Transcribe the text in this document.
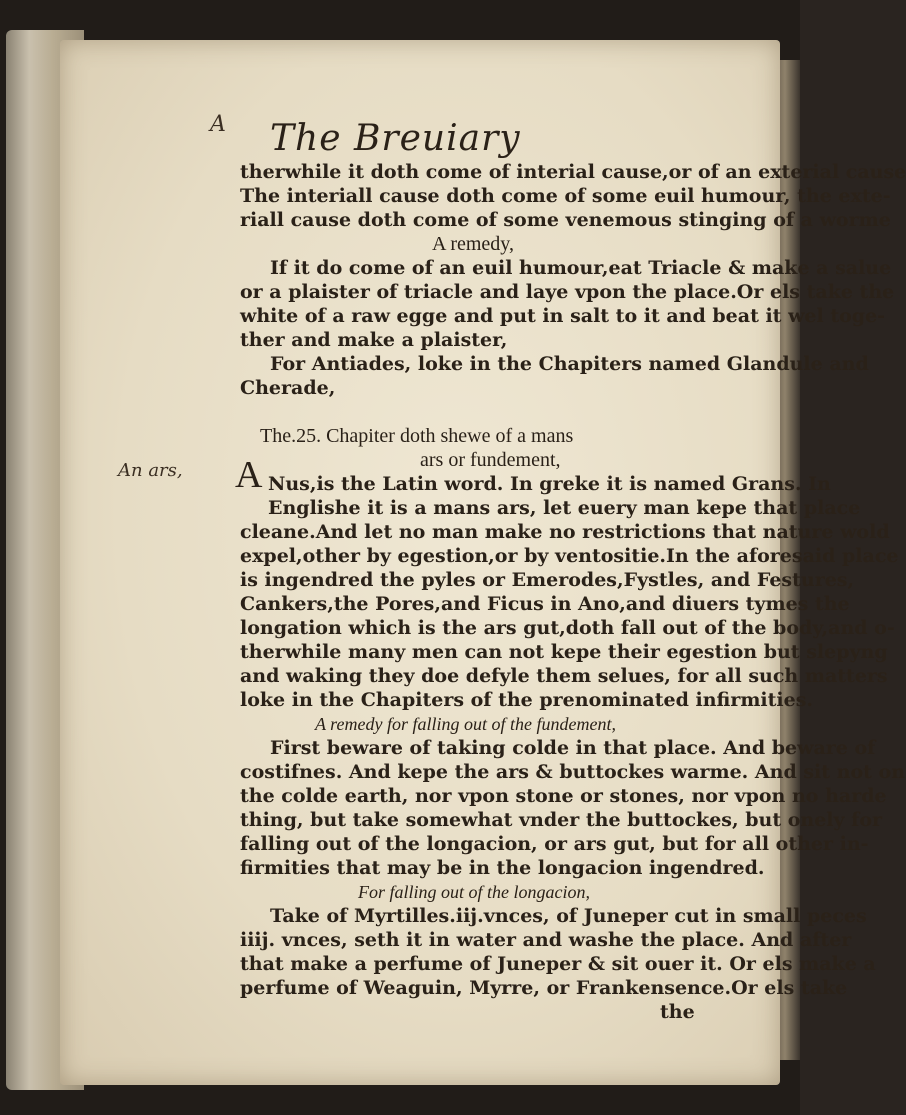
A The Breuiary
An ars, A
therwhile it doth come of interial cause,or of an exterial cause
The interiall cause doth come of some euil humour, the exte-
riall cause doth come of some venemous stinging of a worme
A remedy,
If it do come of an euil humour,eat Triacle & make a salue
or a plaister of triacle and laye vpon the place.Or els take the
white of a raw egge and put in salt to it and beat it wel toge-
ther and make a plaister,
For Antiades, loke in the Chapiters named Glandule and
Cherade,
The.25. Chapiter doth shewe of a mans
ars or fundement,
Nus,is the Latin word. In greke it is named Grans. In
Englishe it is a mans ars, let euery man kepe that place
cleane.And let no man make no restrictions that nature wold
expel,other by egestion,or by ventositie.In the aforesaid place
is ingendred the pyles or Emerodes,Fystles, and Festures,
Cankers,the Pores,and Ficus in Ano,and diuers tymes the
longation which is the ars gut,doth fall out of the body,and o-
therwhile many men can not kepe their egestion but slepyng
and waking they doe defyle them selues, for all such matters
loke in the Chapiters of the prenominated infirmities.
A remedy for falling out of the fundement,
First beware of taking colde in that place. And beware of
costifnes. And kepe the ars & buttockes warme. And sit not on
the colde earth, nor vpon stone or stones, nor vpon no harde
thing, but take somewhat vnder the buttockes, but onely for
falling out of the longacion, or ars gut, but for all other in-
firmities that may be in the longacion ingendred.
For falling out of the longacion,
Take of Myrtilles.iij.vnces, of Juneper cut in small peces
iiij. vnces, seth it in water and washe the place. And after
that make a perfume of Juneper & sit ouer it. Or els make a
perfume of Weaguin, Myrre, or Frankensence.Or els take
the
